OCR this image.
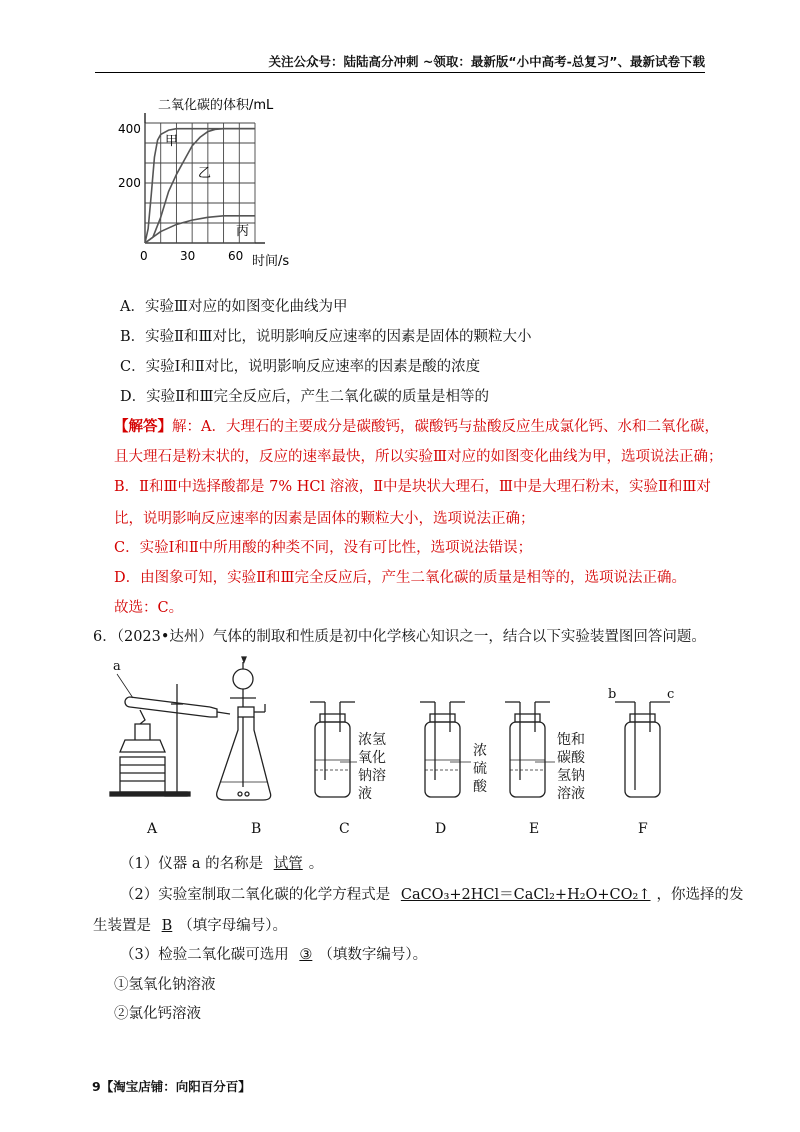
关注公众号：陆陆高分冲刺 ~领取：最新版“小中高考-总复习”、最新试卷下载
二氧化碳的体积/mL
400
200
0	30	60 时间/s
甲
乙
丙
A．实验Ⅲ对应的如图变化曲线为甲
B．实验Ⅱ和Ⅲ对比，说明影响反应速率的因素是固体的颗粒大小
C．实验Ⅰ和Ⅱ对比，说明影响反应速率的因素是酸的浓度
D．实验Ⅱ和Ⅲ完全反应后，产生二氧化碳的质量是相等的
【解答】解：A．大理石的主要成分是碳酸钙，碳酸钙与盐酸反应生成氯化钙、水和二氧化碳，
且大理石是粉末状的，反应的速率最快，所以实验Ⅲ对应的如图变化曲线为甲，选项说法正确；
B．Ⅱ和Ⅲ中选择酸都是 7% HCl 溶液，Ⅱ中是块状大理石，Ⅲ中是大理石粉末，实验Ⅱ和Ⅲ对
比，说明影响反应速率的因素是固体的颗粒大小，选项说法正确；
C．实验Ⅰ和Ⅱ中所用酸的种类不同，没有可比性，选项说法错误；
D．由图象可知，实验Ⅱ和Ⅲ完全反应后，产生二氧化碳的质量是相等的，选项说法正确。
故选：C。
6．（2023•达州）气体的制取和性质是初中化学核心知识之一，结合以下实验装置图回答问题。
a
b	c
浓氢
氧化
钠溶
液
浓
硫
酸
饱和
碳酸
氢钠
溶液
A	B	C	D	E	F
（1）仪器 a 的名称是 试管 。
（2）实验室制取二氧化碳的化学方程式是 CaCO₃+2HCl＝CaCl₂+H₂O+CO₂↑ ，你选择的发
生装置是 B （填字母编号）。
（3）检验二氧化碳可选用 ③ （填数字编号）。
①氢氧化钠溶液
②氯化钙溶液
9【淘宝店铺：向阳百分百】
